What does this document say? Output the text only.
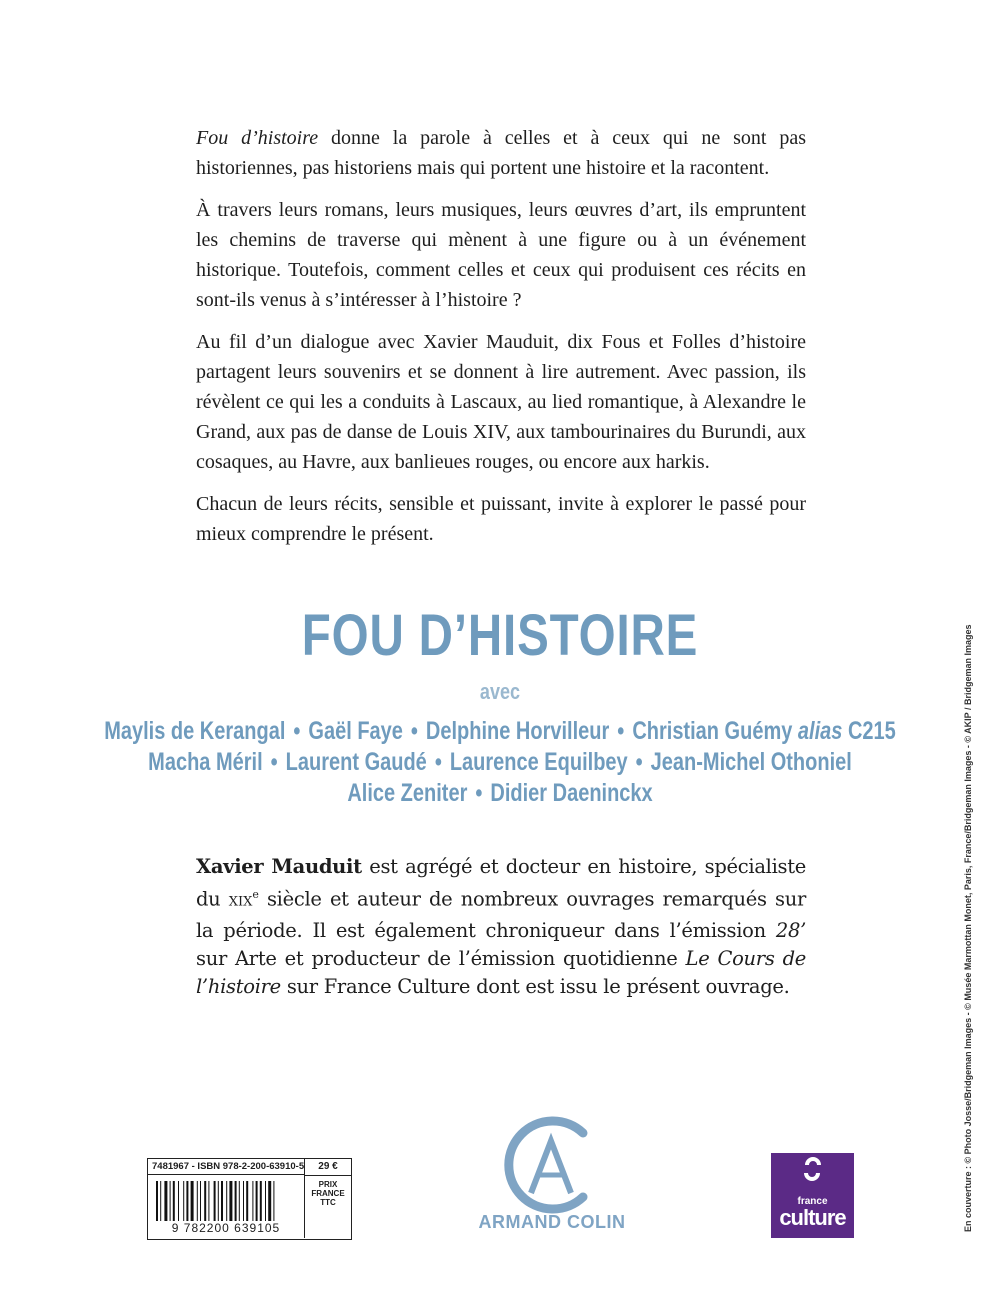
Fou d’histoire donne la parole à celles et à ceux qui ne sont pas historiennes, pas historiens mais qui portent une histoire et la racontent.

À travers leurs romans, leurs musiques, leurs œuvres d’art, ils empruntent les chemins de traverse qui mènent à une figure ou à un événement historique. Toutefois, comment celles et ceux qui produisent ces récits en sont-ils venus à s’intéresser à l’histoire ?

Au fil d’un dialogue avec Xavier Mauduit, dix Fous et Folles d’histoire partagent leurs souvenirs et se donnent à lire autrement. Avec passion, ils révèlent ce qui les a conduits à Lascaux, au lied romantique, à Alexandre le Grand, aux pas de danse de Louis XIV, aux tambourinaires du Burundi, aux cosaques, au Havre, aux banlieues rouges, ou encore aux harkis.

Chacun de leurs récits, sensible et puissant, invite à explorer le passé pour mieux comprendre le présent.

FOU D’HISTOIRE
avec
Maylis de Kerangal • Gaël Faye • Delphine Horvilleur • Christian Guémy alias C215
Macha Méril • Laurent Gaudé • Laurence Equilbey • Jean-Michel Othoniel
Alice Zeniter • Didier Daeninckx
Xavier Mauduit est agrégé et docteur en histoire, spécialiste du XIXe siècle et auteur de nombreux ouvrages remarqués sur la période. Il est également chroniqueur dans l’émission 28’ sur Arte et producteur de l’émission quotidienne Le Cours de l’histoire sur France Culture dont est issu le présent ouvrage.
7481967 - ISBN 978-2-200-63910-5
9 782200 639105
29 €
PRIX
FRANCE
TTC
ARMAND COLIN
france
culture	En couverture : © Photo Josse/Bridgeman Images - © Musée Marmottan Monet, Paris, France/Bridgeman Images - © AKIP / Bridgeman Images
